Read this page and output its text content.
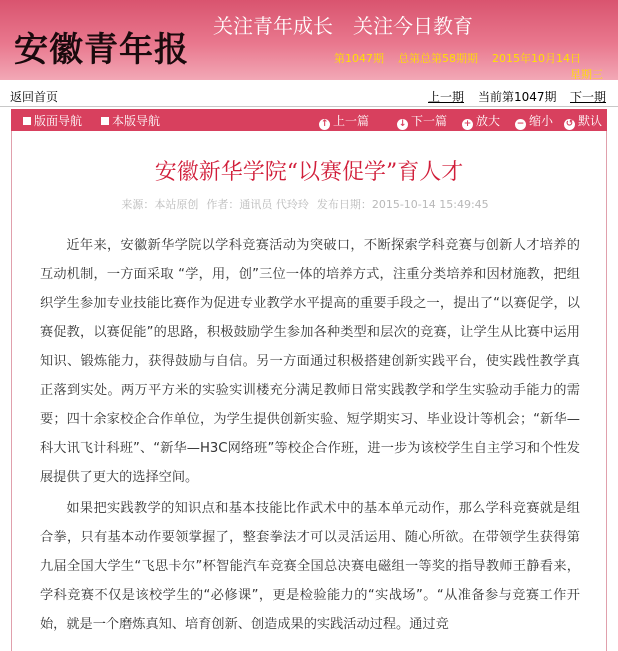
安徽青年报
关注青年成长 关注今日教育
第1047期 总第总第58期期 2015年10月14日
星期三
返回首页	上一期 当前第1047期 下一期
版面导航	本版导航	↑ 上一篇	↓ 下一篇 + 放大 − 缩小 ↺ 默认
安徽新华学院“以赛促学”育人才
来源：本站原创 作者：通讯员 代玲玲 发布日期：2015-10-14 15:49:45

近年来，安徽新华学院以学科竞赛活动为突破口，不断探索学科竞赛与创新人才培养的互动机制，一方面采取 “学，用，创”三位一体的培养方式，注重分类培养和因材施教，把组织学生参加专业技能比赛作为促进专业教学水平提高的重要手段之一，提出了“以赛促学，以赛促教，以赛促能”的思路，积极鼓励学生参加各种类型和层次的竞赛，让学生从比赛中运用知识、锻炼能力，获得鼓励与自信。另一方面通过积极搭建创新实践平台，使实践性教学真正落到实处。两万平方米的实验实训楼充分满足教师日常实践教学和学生实验动手能力的需要；四十余家校企合作单位，为学生提供创新实验、短学期实习、毕业设计等机会；“新华—科大讯飞计科班”、“新华—H3C网络班”等校企合作班，进一步为该校学生自主学习和个性发展提供了更大的选择空间。

如果把实践教学的知识点和基本技能比作武术中的基本单元动作，那么学科竞赛就是组合拳，只有基本动作要领掌握了，整套拳法才可以灵活运用、随心所欲。在带领学生获得第九届全国大学生“飞思卡尔”杯智能汽车竞赛全国总决赛电磁组一等奖的指导教师王静看来，学科竞赛不仅是该校学生的“必修课”，更是检验能力的“实战场”。“从准备参与竞赛工作开始，就是一个磨炼真知、培育创新、创造成果的实践活动过程。通过竞
